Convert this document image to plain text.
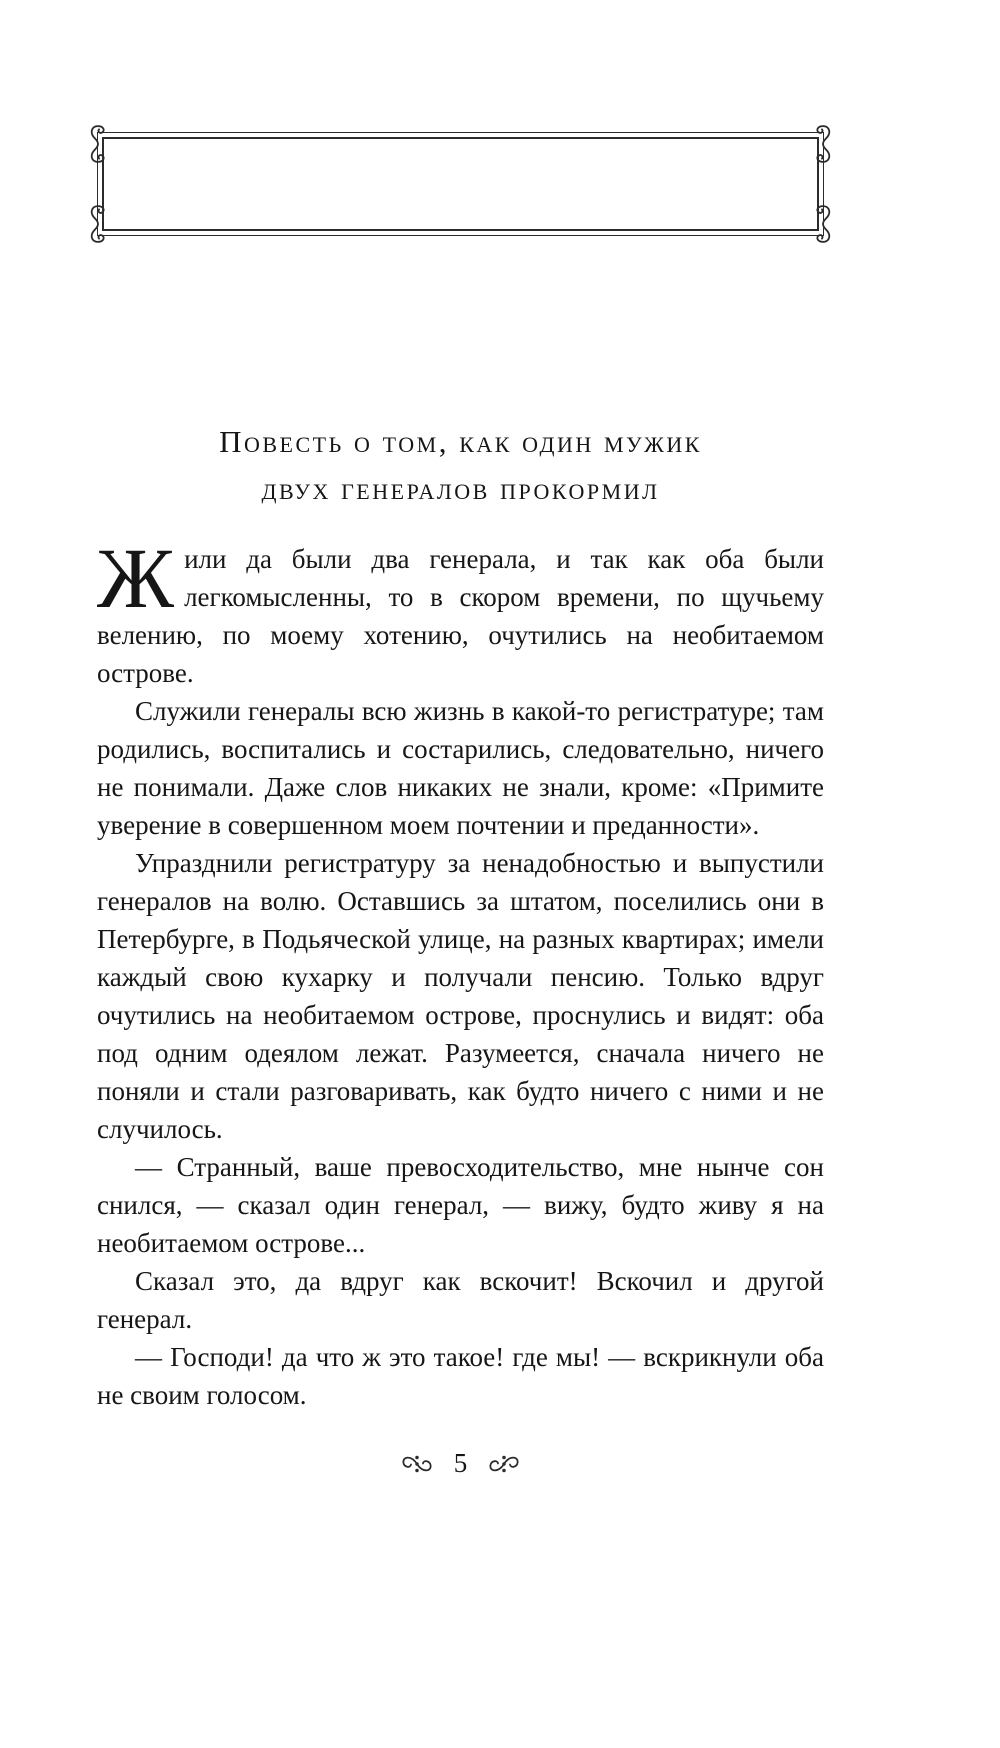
Повесть о том, как один мужик
двух генералов прокормил

Жили да были два генерала, и так как оба были легкомысленны, то в скором времени, по щучьему велению, по моему хотению, очутились на необитаемом острове.

Служили генералы всю жизнь в какой-то регистратуре; там родились, воспитались и состарились, следовательно, ничего не понимали. Даже слов никаких не знали, кроме: «Примите уверение в совершенном моем почтении и преданности».

Упразднили регистратуру за ненадобностью и выпустили генералов на волю. Оставшись за штатом, поселились они в Петербурге, в Подьяческой улице, на разных квартирах; имели каждый свою кухарку и получали пенсию. Только вдруг очутились на необитаемом острове, проснулись и видят: оба под одним одеялом лежат. Разумеется, сначала ничего не поняли и стали разговаривать, как будто ничего с ними и не случилось.

— Странный, ваше превосходительство, мне нынче сон снился, — сказал один генерал, — вижу, будто живу я на необитаемом острове...

Сказал это, да вдруг как вскочит! Вскочил и другой генерал.

— Господи! да что ж это такое! где мы! — вскрикнули оба не своим голосом.

5
